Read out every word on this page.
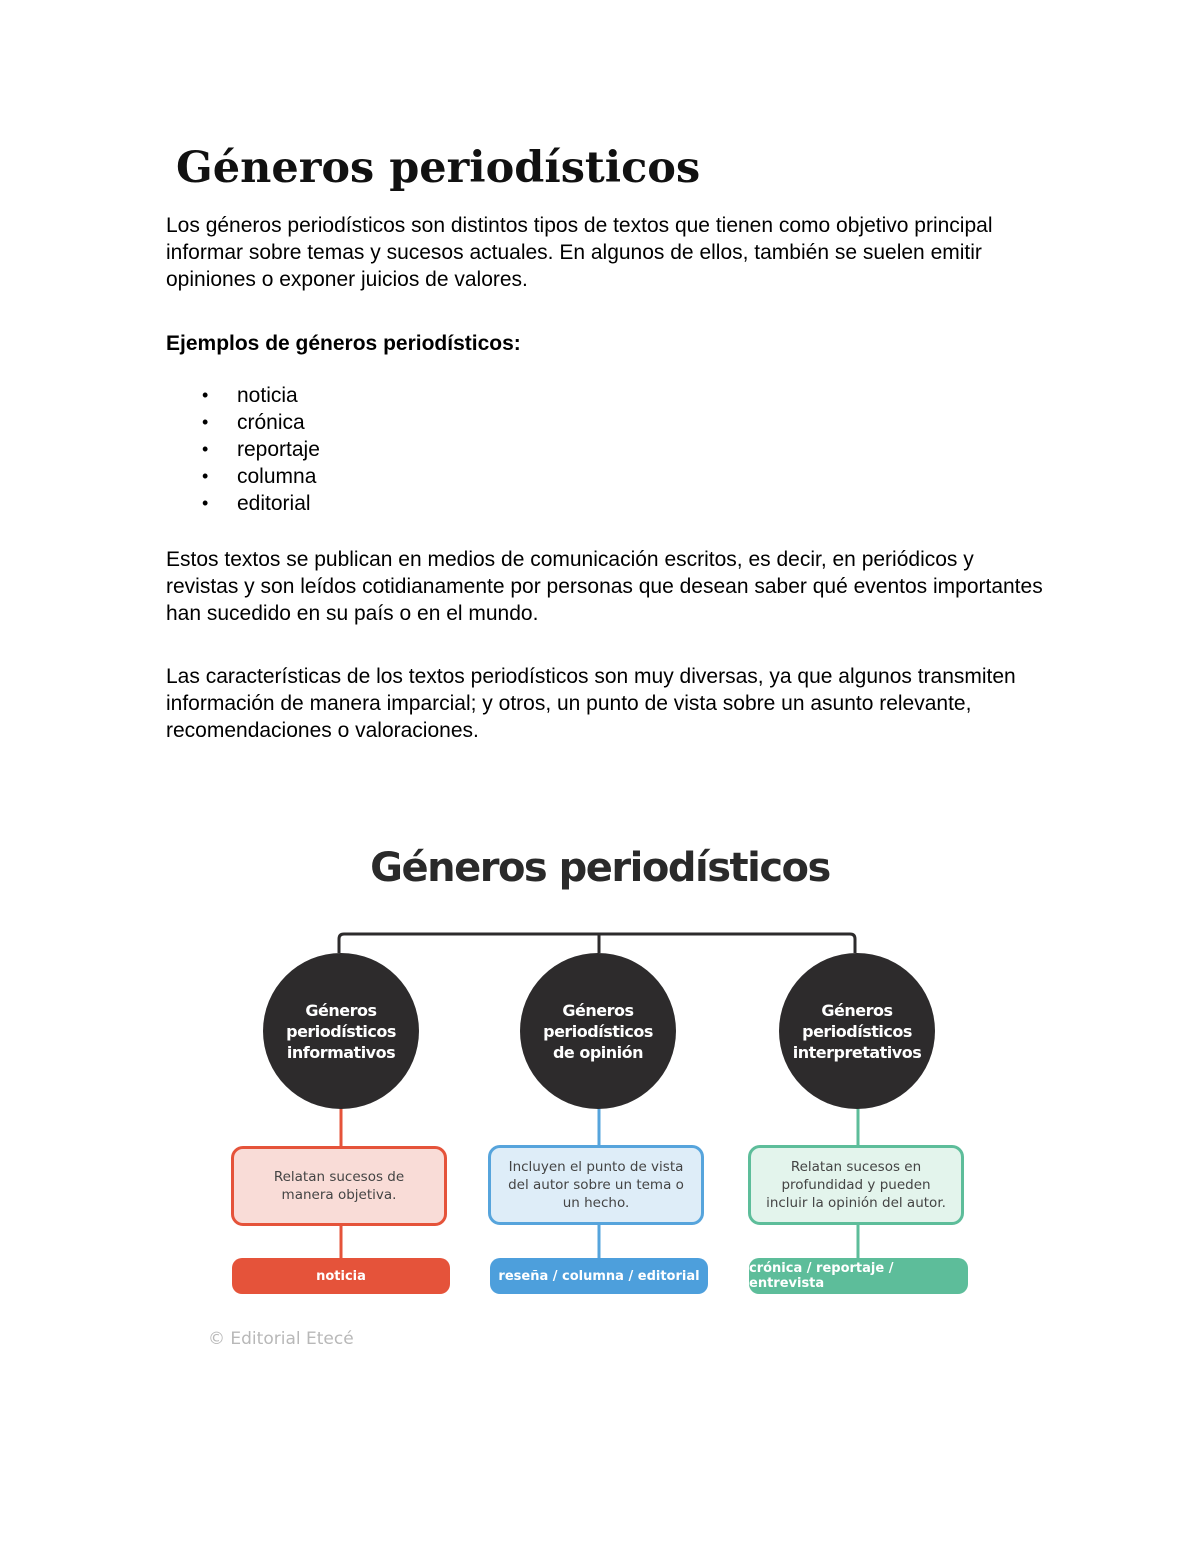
Géneros periodísticos

Los géneros periodísticos son distintos tipos de textos que tienen como objetivo principal informar sobre temas y sucesos actuales. En algunos de ellos, también se suelen emitir opiniones o exponer juicios de valores.

Ejemplos de géneros periodísticos:

• noticia
• crónica
• reportaje
• columna
• editorial

Estos textos se publican en medios de comunicación escritos, es decir, en periódicos y revistas y son leídos cotidianamente por personas que desean saber qué eventos importantes han sucedido en su país o en el mundo.

Las características de los textos periodísticos son muy diversas, ya que algunos transmiten información de manera imparcial; y otros, un punto de vista sobre un asunto relevante, recomendaciones o valoraciones.

Géneros periodísticos
Géneros
periodísticos
informativos
Géneros
periodísticos
de opinión
Géneros
periodísticos
interpretativos
Relatan sucesos de manera objetiva.
Incluyen el punto de vista del autor sobre un tema o un hecho.
Relatan sucesos en profundidad y pueden incluir la opinión del autor.
noticia	reseña / columna / editorial	crónica / reportaje / entrevista
© Editorial Etecé
